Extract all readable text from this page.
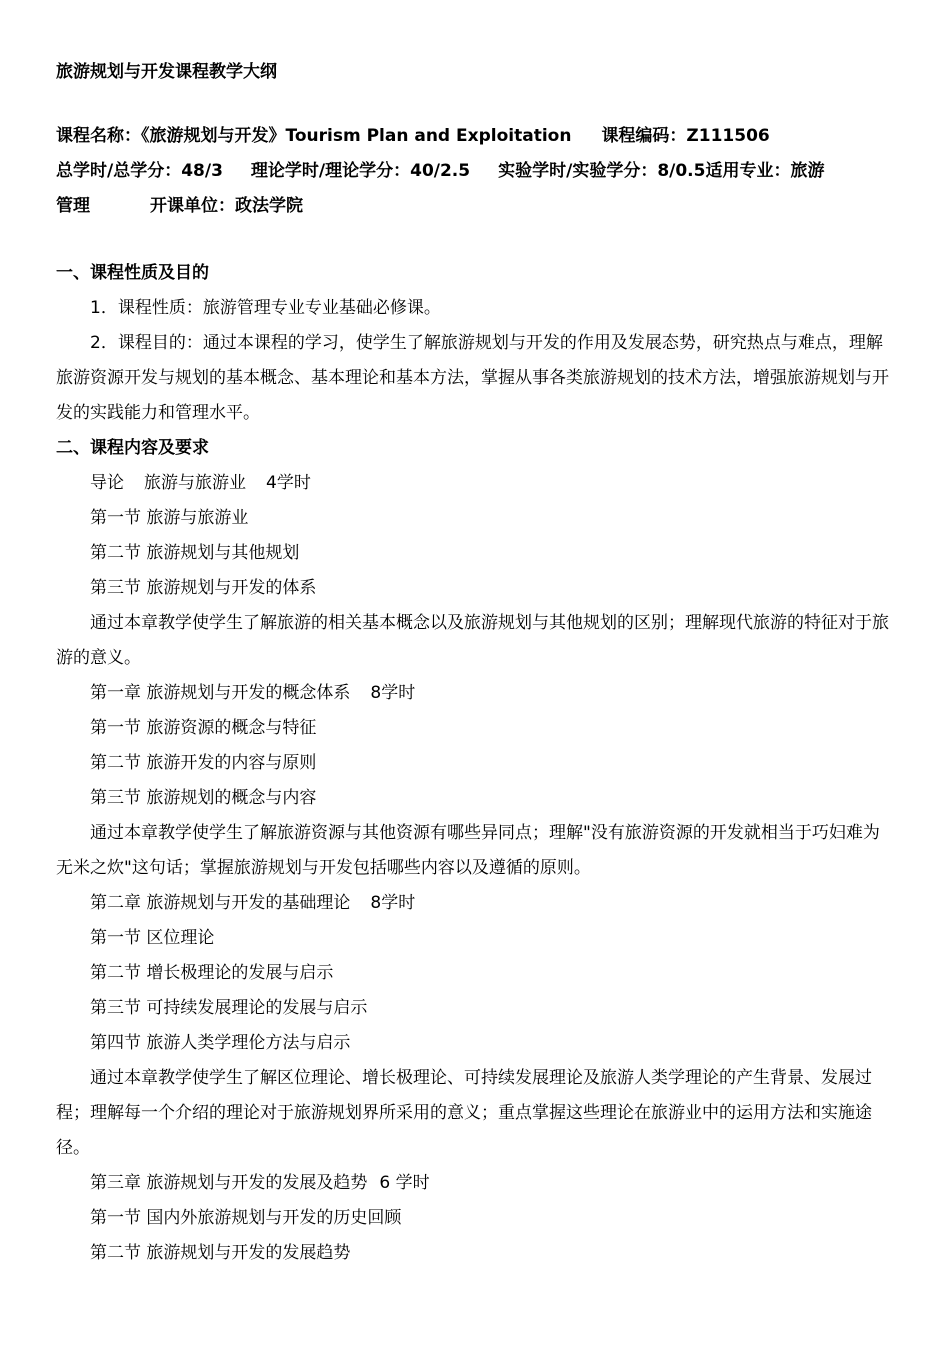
旅游规划与开发课程教学大纲
课程名称：《旅游规划与开发》Tourism Plan and Exploitation 课程编码：Z111506
总学时/总学分：48/3 理论学时/理论学分：40/2.5 实验学时/实验学分：8/0.5适用专业：旅游
管理	开课单位：政法学院
一、课程性质及目的

1．课程性质：旅游管理专业专业基础必修课。

2．课程目的：通过本课程的学习，使学生了解旅游规划与开发的作用及发展态势，研究热点与难点，理解旅游资源开发与规划的基本概念、基本理论和基本方法，掌握从事各类旅游规划的技术方法，增强旅游规划与开发的实践能力和管理水平。

二、课程内容及要求
导论 旅游与旅游业 4学时
第一节 旅游与旅游业
第二节 旅游规划与其他规划
第三节 旅游规划与开发的体系

通过本章教学使学生了解旅游的相关基本概念以及旅游规划与其他规划的区别；理解现代旅游的特征对于旅游的意义。

第一章 旅游规划与开发的概念体系 8学时
第一节 旅游资源的概念与特征
第二节 旅游开发的内容与原则
第三节 旅游规划的概念与内容

通过本章教学使学生了解旅游资源与其他资源有哪些异同点；理解"没有旅游资源的开发就相当于巧妇难为无米之炊"这句话；掌握旅游规划与开发包括哪些内容以及遵循的原则。

第二章 旅游规划与开发的基础理论 8学时
第一节 区位理论
第二节 增长极理论的发展与启示
第三节 可持续发展理论的发展与启示
第四节 旅游人类学理伦方法与启示

通过本章教学使学生了解区位理论、增长极理论、可持续发展理论及旅游人类学理论的产生背景、发展过程；理解每一个介绍的理论对于旅游规划界所采用的意义；重点掌握这些理论在旅游业中的运用方法和实施途径。

第三章 旅游规划与开发的发展及趋势 6 学时
第一节 国内外旅游规划与开发的历史回顾
第二节 旅游规划与开发的发展趋势
